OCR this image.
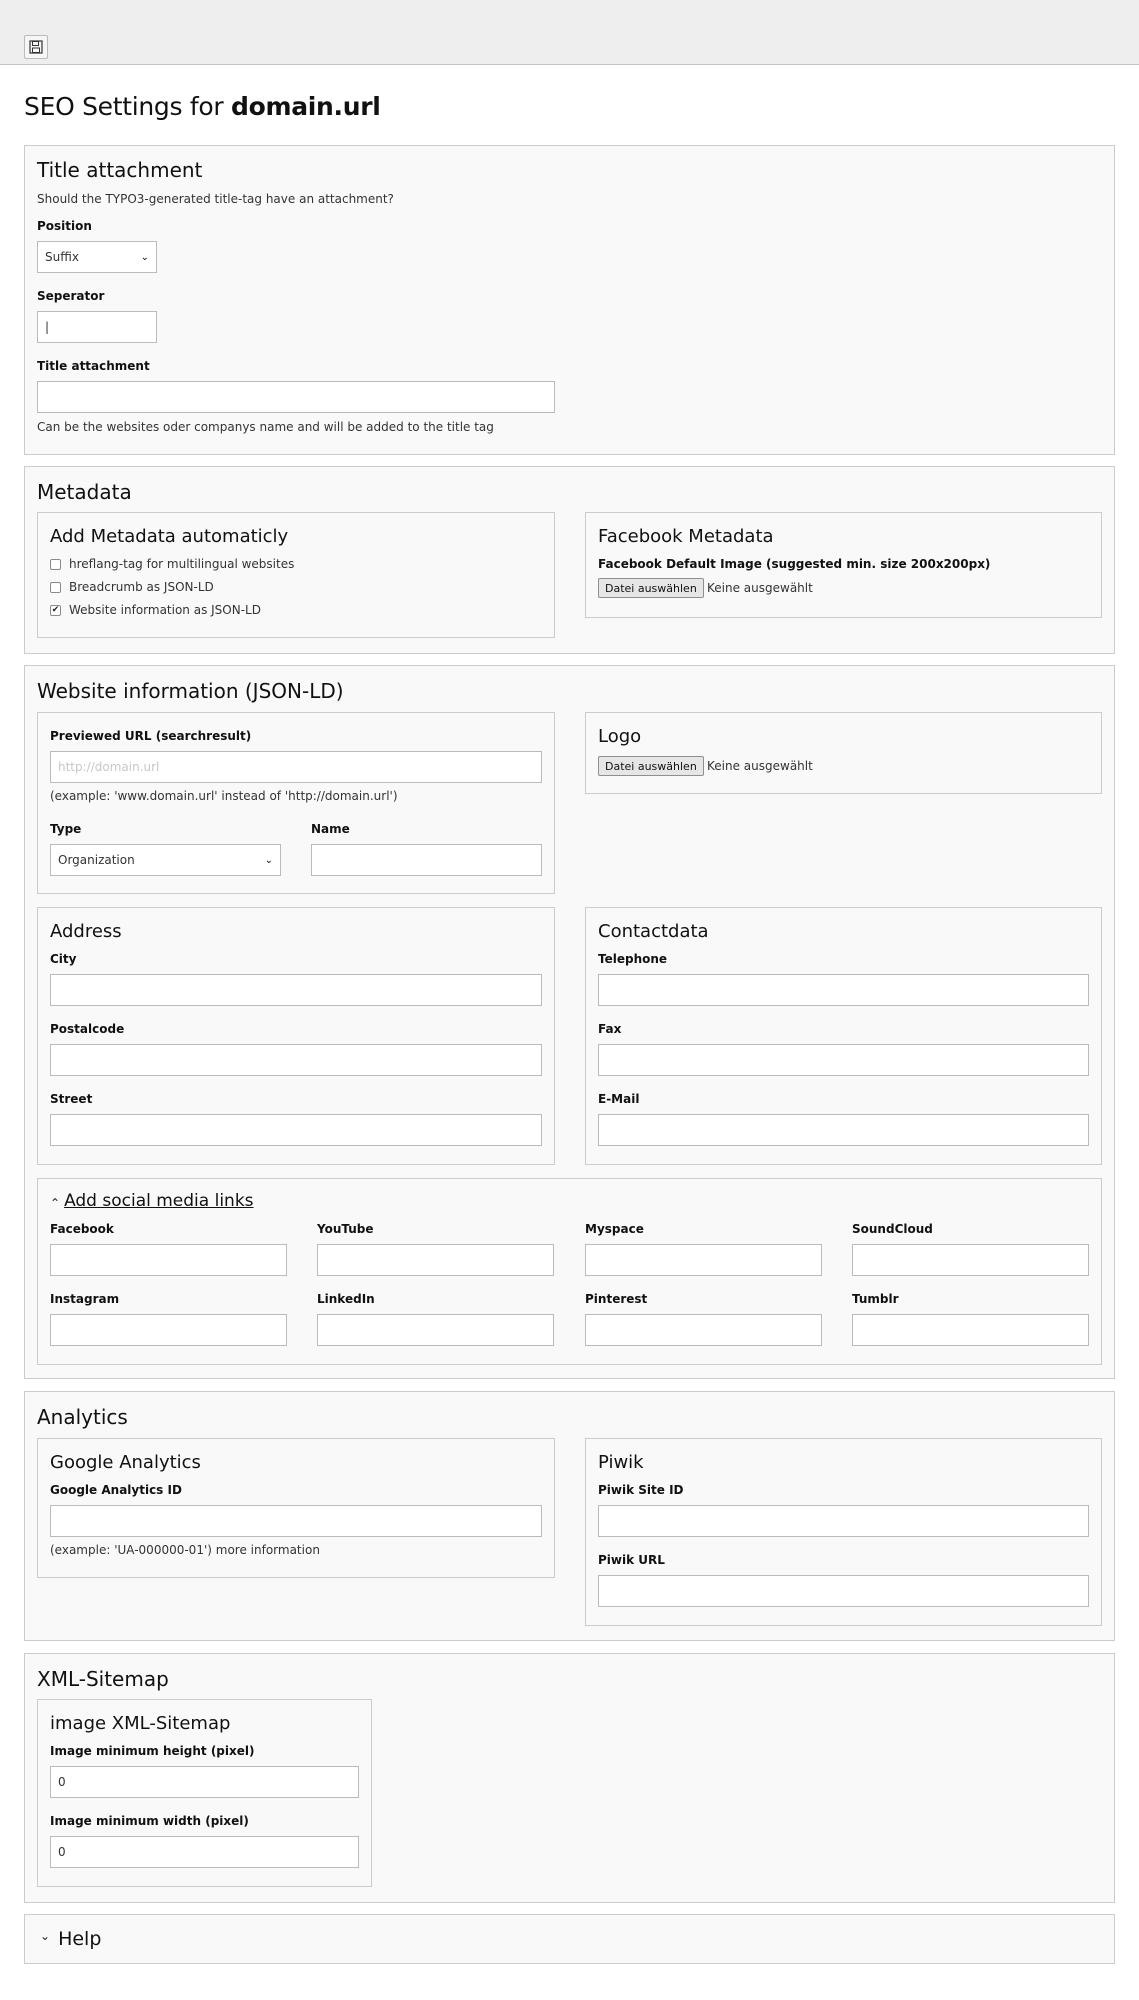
SEO Settings for domain.url
Title attachment
Should the TYPO3-generated title-tag have an attachment?
Position
Suffix	⌄
Seperator
|
Title attachment
Can be the websites oder companys name and will be added to the title tag
Metadata
Add Metadata automaticly
hreflang-tag for multilingual websites
Breadcrumb as JSON-LD
✔ Website information as JSON-LD
Facebook Metadata
Facebook Default Image (suggested min. size 200x200px)
Datei auswählen Keine ausgewählt
Website information (JSON-LD)
Previewed URL (searchresult)
http://domain.url
(example: 'www.domain.url' instead of 'http://domain.url')
Type
Organization	⌄
Name
Logo
Datei auswählen Keine ausgewählt
Address
City
Postalcode
Street
Contactdata
Telephone
Fax
E-Mail
⌃ Add social media links
Facebook	YouTube	Myspace	SoundCloud
Instagram	LinkedIn	Pinterest	Tumblr
Analytics
Google Analytics
Google Analytics ID
(example: 'UA-000000-01') more information
Piwik
Piwik Site ID
Piwik URL
XML-Sitemap
image XML-Sitemap
Image minimum height (pixel)
0
Image minimum width (pixel)
0
⌄ Help
